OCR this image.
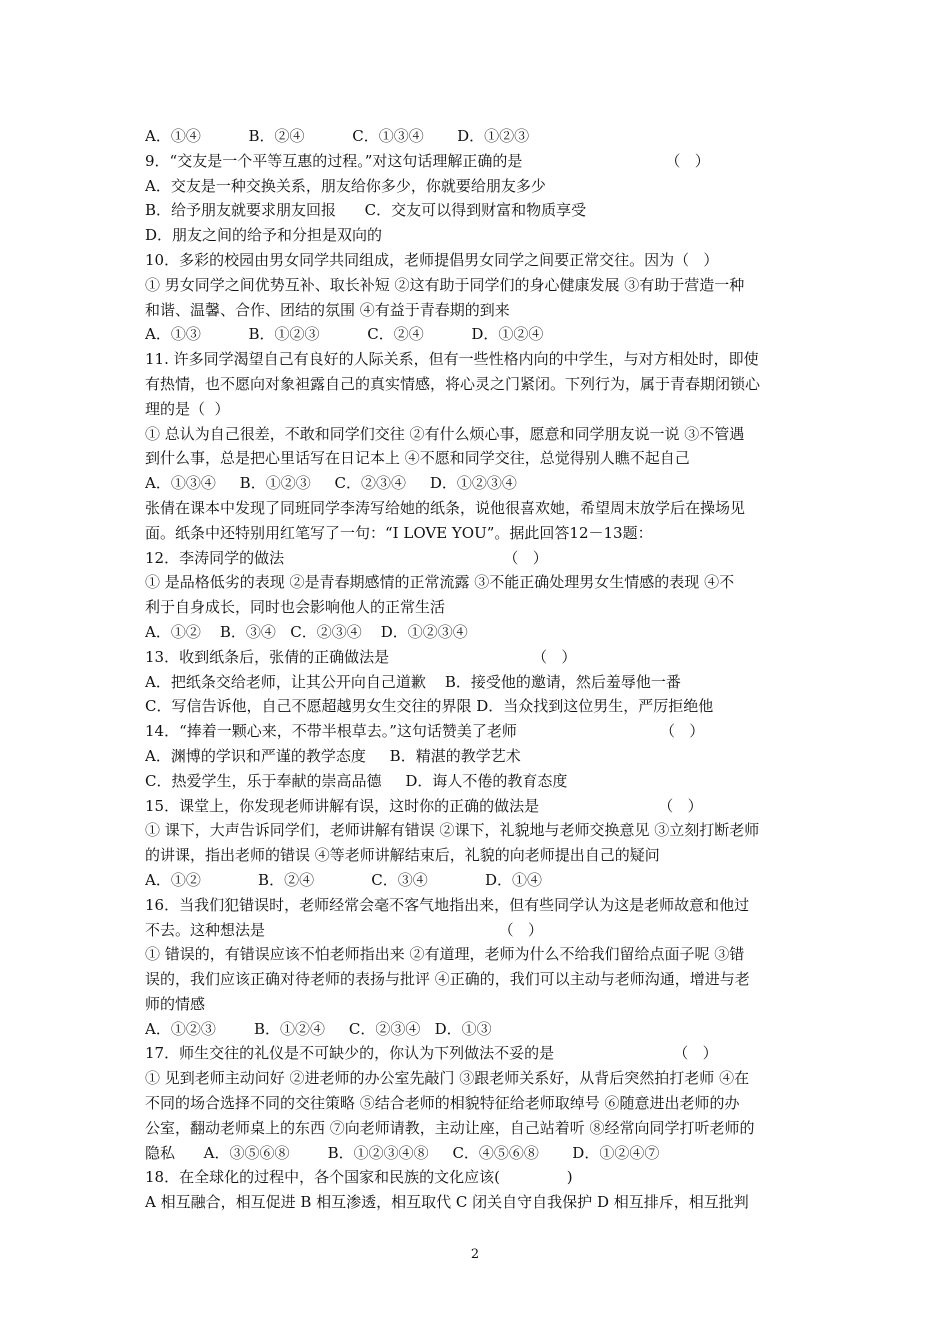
A．①④          B．②④          C．①③④       D．①②③
9．“交友是一个平等互惠的过程。”对这句话理解正确的是                              （   ）
A．交友是一种交换关系，朋友给你多少，你就要给朋友多少
B．给予朋友就要求朋友回报      C．交友可以得到财富和物质享受
D．朋友之间的给予和分担是双向的
10．多彩的校园由男女同学共同组成，老师提倡男女同学之间要正常交往。因为（   ）
① 男女同学之间优势互补、取长补短 ②这有助于同学们的身心健康发展 ③有助于营造一种
和谐、温馨、合作、团结的氛围 ④有益于青春期的到来
A．①③          B．①②③          C．②④          D．①②④
11. 许多同学渴望自己有良好的人际关系，但有一些性格内向的中学生，与对方相处时，即使
有热情，也不愿向对象袒露自己的真实情感，将心灵之门紧闭。下列行为，属于青春期闭锁心
理的是（  ）
① 总认为自己很差，不敢和同学们交往 ②有什么烦心事，愿意和同学朋友说一说 ③不管遇
到什么事，总是把心里话写在日记本上 ④不愿和同学交往，总觉得别人瞧不起自己
A．①③④     B．①②③     C．②③④     D．①②③④
张倩在课本中发现了同班同学李涛写给她的纸条，说他很喜欢她，希望周末放学后在操场见
面。纸条中还特别用红笔写了一句：“I LOVE YOU”。据此回答12－13题：
12．李涛同学的做法                                              （   ）
① 是品格低劣的表现 ②是青春期感情的正常流露 ③不能正确处理男女生情感的表现 ④不
利于自身成长，同时也会影响他人的正常生活
A．①②    B．③④   C．②③④    D．①②③④
13．收到纸条后，张倩的正确做法是                              （   ）
A．把纸条交给老师，让其公开向自己道歉    B．接受他的邀请，然后羞辱他一番
C．写信告诉他，自己不愿超越男女生交往的界限 D．当众找到这位男生，严厉拒绝他
14．“捧着一颗心来，不带半根草去。”这句话赞美了老师                              （   ）
A．渊博的学识和严谨的教学态度     B．精湛的教学艺术
C．热爱学生，乐于奉献的崇高品德     D．诲人不倦的教育态度
15．课堂上，你发现老师讲解有误，这时你的正确的做法是                         （   ）
① 课下，大声告诉同学们，老师讲解有错误 ②课下，礼貌地与老师交换意见 ③立刻打断老师
的讲课，指出老师的错误 ④等老师讲解结束后，礼貌的向老师提出自己的疑问
A．①②            B．②④            C．③④            D．①④
16．当我们犯错误时，老师经常会毫不客气地指出来，但有些同学认为这是老师故意和他过
不去。这种想法是                                                 （   ）
① 错误的，有错误应该不怕老师指出来 ②有道理，老师为什么不给我们留给点面子呢 ③错
误的，我们应该正确对待老师的表扬与批评 ④正确的，我们可以主动与老师沟通，增进与老
师的情感
A．①②③        B．①②④     C．②③④   D．①③
17．师生交往的礼仪是不可缺少的，你认为下列做法不妥的是                         （   ）
① 见到老师主动问好 ②进老师的办公室先敲门 ③跟老师关系好，从背后突然拍打老师 ④在
不同的场合选择不同的交往策略 ⑤结合老师的相貌特征给老师取绰号 ⑥随意进出老师的办
公室，翻动老师桌上的东西 ⑦向老师请教，主动让座，自己站着听 ⑧经常向同学打听老师的
隐私      A．③⑤⑥⑧        B．①②③④⑧     C．④⑤⑥⑧       D．①②④⑦
18．在全球化的过程中，各个国家和民族的文化应该(              )
A 相互融合，相互促进 B 相互渗透，相互取代 C 闭关自守自我保护 D 相互排斥，相互批判
2
